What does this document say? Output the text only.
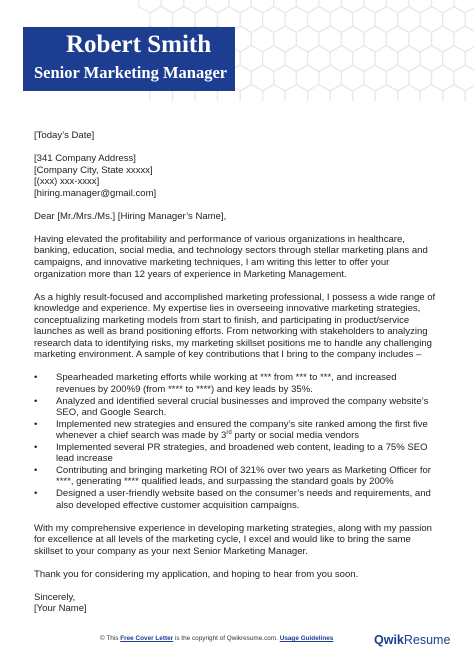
Robert Smith
Senior Marketing Manager

[Today’s Date]

[341 Company Address]
[Company City, State xxxxx]
[(xxx) xxx-xxxx]
[hiring.manager@gmail.com]

Dear [Mr./Mrs./Ms.] [Hiring Manager’s Name],

Having elevated the profitability and performance of various organizations in healthcare,
banking, education, social media, and technology sectors through stellar marketing plans and
campaigns, and innovative marketing techniques, I am writing this letter to offer your
organization more than 12 years of experience in Marketing Management.

As a highly result-focused and accomplished marketing professional, I possess a wide range of
knowledge and experience. My expertise lies in overseeing innovative marketing strategies,
conceptualizing marketing models from start to finish, and participating in product/service
launches as well as brand positioning efforts. From networking with stakeholders to analyzing
research data to identifying risks, my marketing skillset positions me to handle any challenging
marketing environment. A sample of key contributions that I bring to the company includes –

• Spearheaded marketing efforts while working at *** from *** to ***, and increased
revenues by 200%9 (from **** to ****) and key leads by 35%.
• Analyzed and identified several crucial businesses and improved the company website’s
SEO, and Google Search.
• Implemented new strategies and ensured the company’s site ranked among the first five
whenever a chief search was made by 3rd party or social media vendors
• Implemented several PR strategies, and broadened web content, leading to a 75% SEO
lead increase
• Contributing and bringing marketing ROI of 321% over two years as Marketing Officer for
****, generating **** qualified leads, and surpassing the standard goals by 200%
• Designed a user-friendly website based on the consumer’s needs and requirements, and
also developed effective customer acquisition campaigns.

With my comprehensive experience in developing marketing strategies, along with my passion
for excellence at all levels of the marketing cycle, I excel and would like to bring the same
skillset to your company as your next Senior Marketing Manager.

Thank you for considering my application, and hoping to hear from you soon.

Sincerely,
[Your Name]

© This Free Cover Letter is the copyright of Qwikresume.com. Usage Guidelines	QwikResume
